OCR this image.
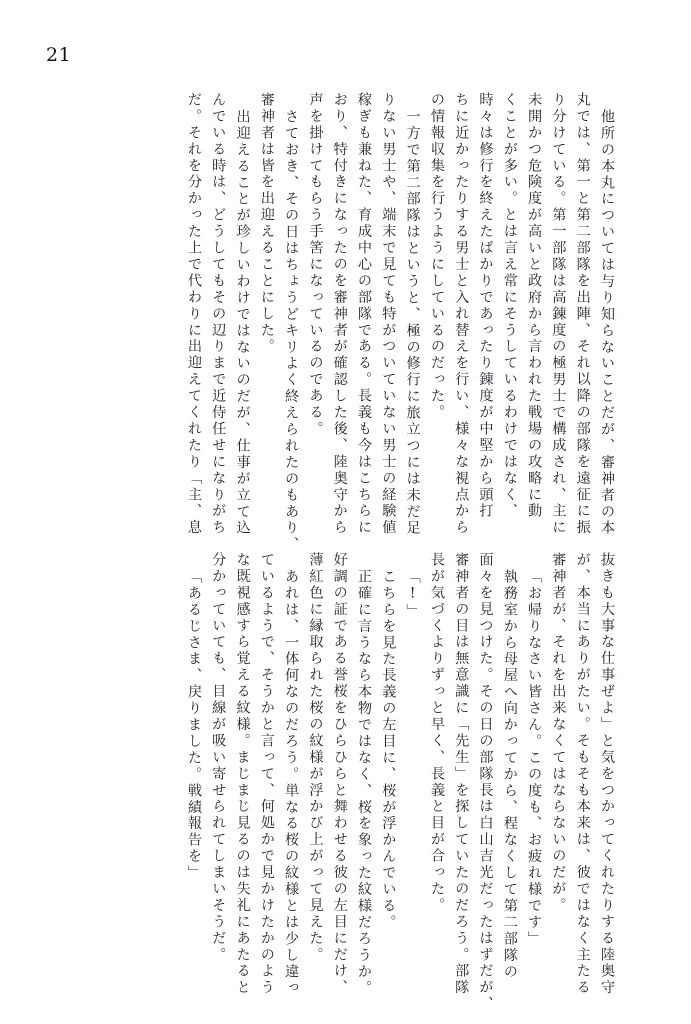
21
他所の本丸については与り知らないことだが、審神者の本
丸では、第一と第二部隊を出陣、それ以降の部隊を遠征に振
り分けている。第一部隊は高錬度の極男士で構成され、主に
未開かつ危険度が高いと政府から言われた戦場の攻略に動
くことが多い。とは言え常にそうしているわけではなく、
時々は修行を終えたばかりであったり錬度が中堅から頭打
ちに近かったりする男士と入れ替えを行い、様々な視点から
の情報収集を行うようにしているのだった。
一方で第二部隊はというと、極の修行に旅立つには未だ足
りない男士や、端末で見ても特がついていない男士の経験値
稼ぎも兼ねた、育成中心の部隊である。長義も今はこちらに
おり、特付きになったのを審神者が確認した後、陸奥守から
声を掛けてもらう手筈になっているのである。
さておき、その日はちょうどキリよく終えられたのもあり、
審神者は皆を出迎えることにした。
出迎えることが珍しいわけではないのだが、仕事が立て込
んでいる時は、どうしてもその辺りまで近侍任せになりがち
だ。それを分かった上で代わりに出迎えてくれたり「主、息
抜きも大事な仕事ぜよ」と気をつかってくれたりする陸奥守
が、本当にありがたい。そもそも本来は、彼ではなく主たる
審神者が、それを出来なくてはならないのだが。
「お帰りなさい皆さん。この度も、お疲れ様です」
執務室から母屋へ向かってから、程なくして第二部隊の
面々を見つけた。その日の部隊長は白山吉光だったはずだが、
審神者の目は無意識に「先生」を探していたのだろう。部隊
長が気づくよりずっと早く、長義と目が合った。
「!」
こちらを見た長義の左目に、桜が浮かんでいる。
正確に言うなら本物ではなく、桜を象った紋様だろうか。
好調の証である誉桜をひらひらと舞わせる彼の左目にだけ、
薄紅色に縁取られた桜の紋様が浮かび上がって見えた。
あれは、一体何なのだろう。単なる桜の紋様とは少し違っ
ているようで、そうかと言って、何処かで見かけたかのよう
な既視感すら覚える紋様。まじまじ見るのは失礼にあたると
分かっていても、目線が吸い寄せられてしまいそうだ。
「あるじさま、戻りました。戦績報告を」
